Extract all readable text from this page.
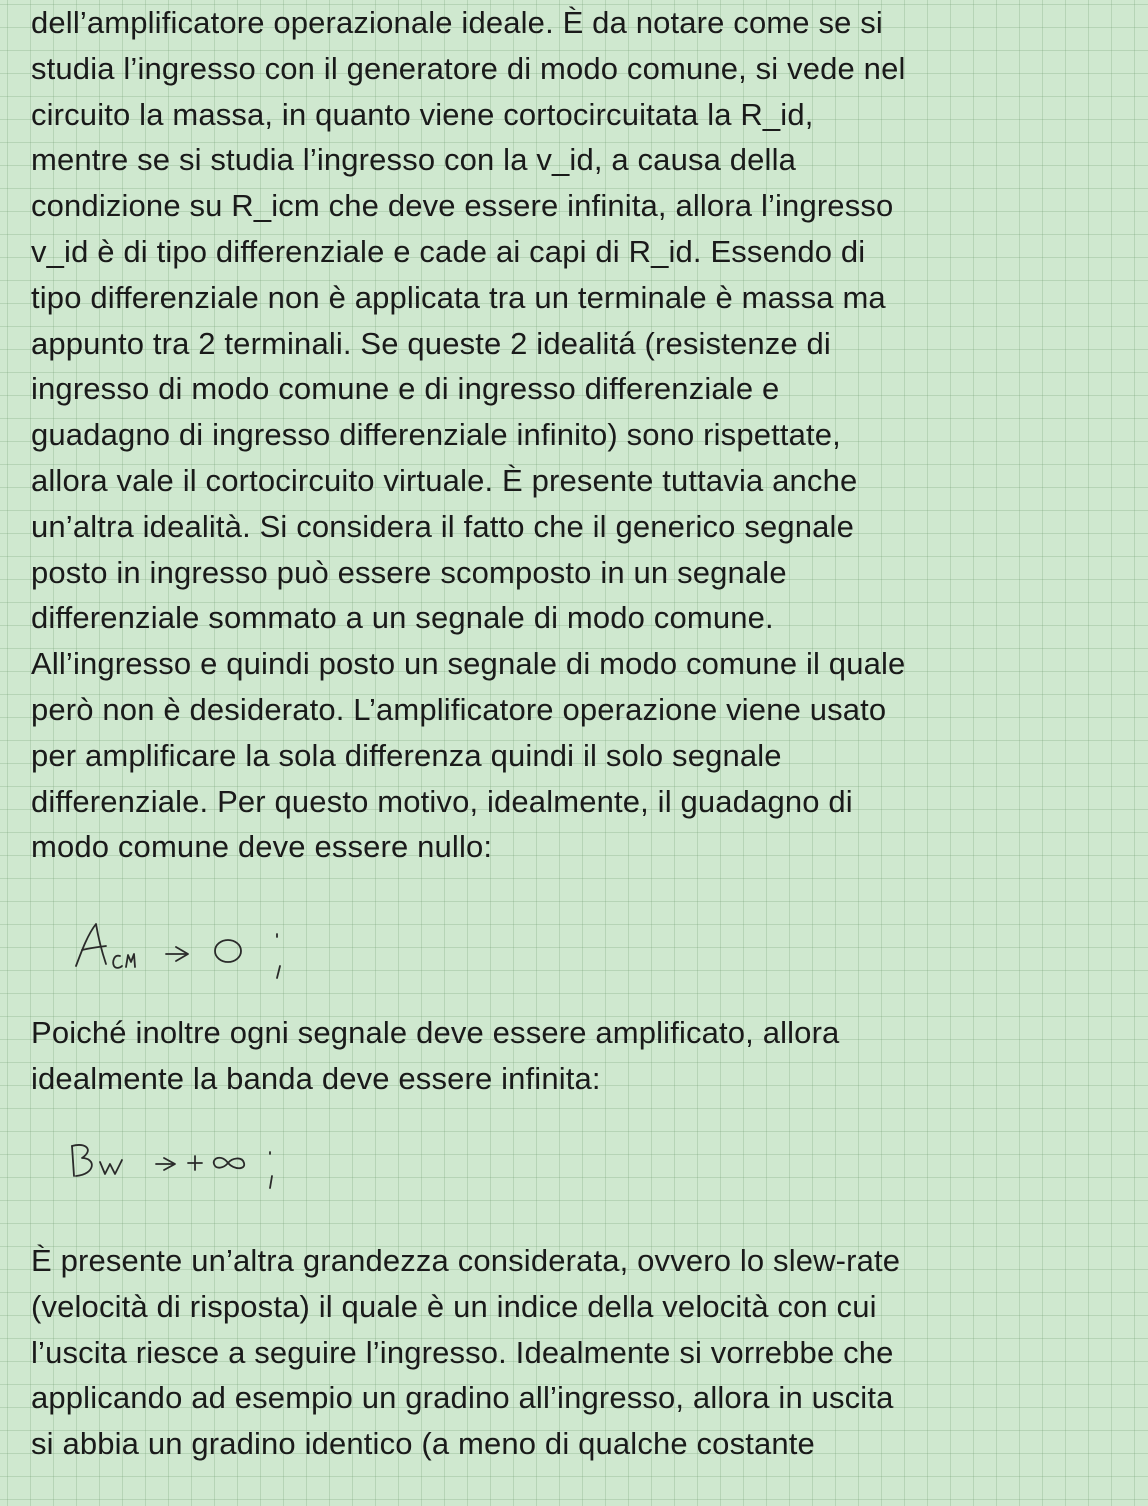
dell’amplificatore operazionale ideale. È da notare come se si
studia l’ingresso con il generatore di modo comune, si vede nel
circuito la massa, in quanto viene cortocircuitata la R_id,
mentre se si studia l’ingresso con la v_id, a causa della
condizione su R_icm che deve essere infinita, allora l’ingresso
v_id è di tipo differenziale e cade ai capi di R_id. Essendo di
tipo differenziale non è applicata tra un terminale è massa ma
appunto tra 2 terminali. Se queste 2 idealitá (resistenze di
ingresso di modo comune e di ingresso differenziale e
guadagno di ingresso differenziale infinito) sono rispettate,
allora vale il cortocircuito virtuale. È presente tuttavia anche
un’altra idealità. Si considera il fatto che il generico segnale
posto in ingresso può essere scomposto in un segnale
differenziale sommato a un segnale di modo comune.
All’ingresso e quindi posto un segnale di modo comune il quale
però non è desiderato. L’amplificatore operazione viene usato
per amplificare la sola differenza quindi il solo segnale
differenziale. Per questo motivo, idealmente, il guadagno di
modo comune deve essere nullo:
Poiché inoltre ogni segnale deve essere amplificato, allora
idealmente la banda deve essere infinita:
È presente un’altra grandezza considerata, ovvero lo slew-rate
(velocità di risposta) il quale è un indice della velocità con cui
l’uscita riesce a seguire l’ingresso. Idealmente si vorrebbe che
applicando ad esempio un gradino all’ingresso, allora in uscita
si abbia un gradino identico (a meno di qualche costante
